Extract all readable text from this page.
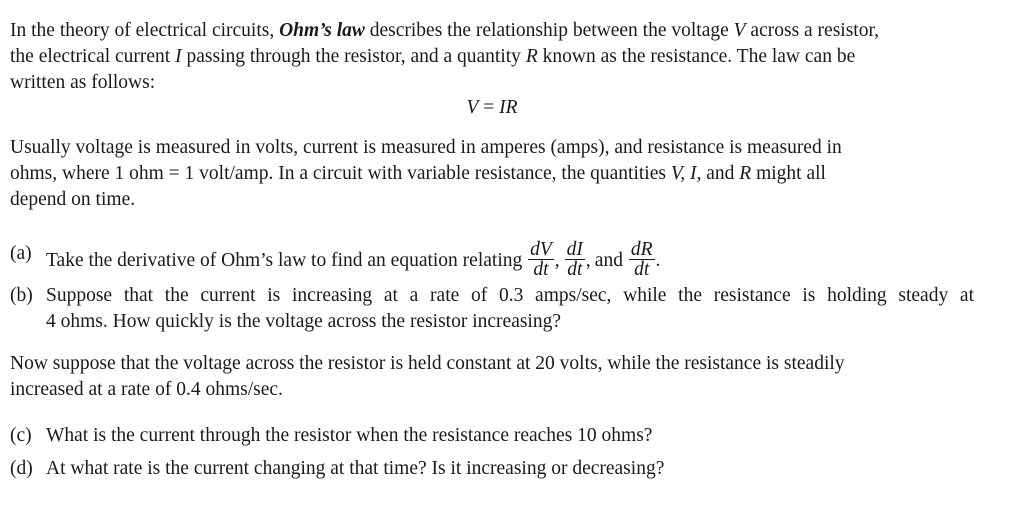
In the theory of electrical circuits, Ohm’s law describes the relationship between the voltage V across a resistor,
the electrical current I passing through the resistor, and a quantity R known as the resistance. The law can be
written as follows:
V = IR
Usually voltage is measured in volts, current is measured in amperes (amps), and resistance is measured in
ohms, where 1 ohm = 1 volt/amp. In a circuit with variable resistance, the quantities V, I, and R might all
depend on time.
(a) Take the derivative of Ohm’s law to find an equation relating $\frac{dV}{dt}$ , $\frac{dI}{dt}$ , and $\frac{dR}{dt}$ .
(b) Suppose that the current is increasing at a rate of 0.3 amps/sec, while the resistance is holding steady at
4 ohms. How quickly is the voltage across the resistor increasing?
Now suppose that the voltage across the resistor is held constant at 20 volts, while the resistance is steadily
increased at a rate of 0.4 ohms/sec.
(c) What is the current through the resistor when the resistance reaches 10 ohms?
(d) At what rate is the current changing at that time? Is it increasing or decreasing?
